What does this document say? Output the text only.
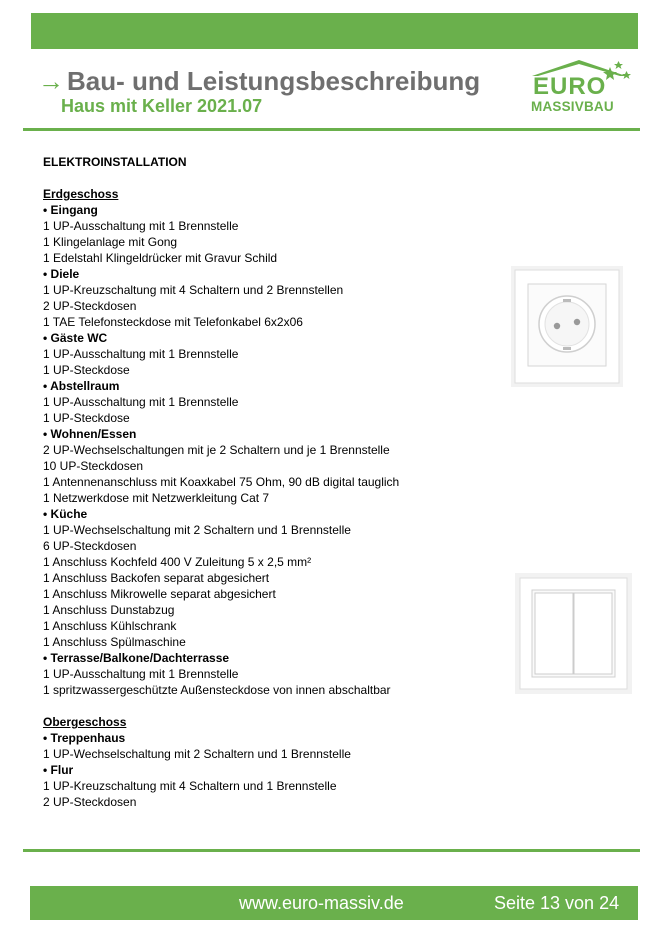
→ Bau- und Leistungsbeschreibung
Haus mit Keller 2021.07
EURO
MASSIVBAU
ELEKTROINSTALLATION
Erdgeschoss
• Eingang
1 UP-Ausschaltung mit 1 Brennstelle
1 Klingelanlage mit Gong
1 Edelstahl Klingeldrücker mit Gravur Schild
• Diele
1 UP-Kreuzschaltung mit 4 Schaltern und 2 Brennstellen
2 UP-Steckdosen
1 TAE Telefonsteckdose mit Telefonkabel 6x2x06
• Gäste WC
1 UP-Ausschaltung mit 1 Brennstelle
1 UP-Steckdose
• Abstellraum
1 UP-Ausschaltung mit 1 Brennstelle
1 UP-Steckdose
• Wohnen/Essen
2 UP-Wechselschaltungen mit je 2 Schaltern und je 1 Brennstelle
10 UP-Steckdosen
1 Antennenanschluss mit Koaxkabel 75 Ohm, 90 dB digital tauglich
1 Netzwerkdose mit Netzwerkleitung Cat 7
• Küche
1 UP-Wechselschaltung mit 2 Schaltern und 1 Brennstelle
6 UP-Steckdosen
1 Anschluss Kochfeld 400 V Zuleitung 5 x 2,5 mm²
1 Anschluss Backofen separat abgesichert
1 Anschluss Mikrowelle separat abgesichert
1 Anschluss Dunstabzug
1 Anschluss Kühlschrank
1 Anschluss Spülmaschine
• Terrasse/Balkone/Dachterrasse
1 UP-Ausschaltung mit 1 Brennstelle
1 spritzwassergeschützte Außensteckdose von innen abschaltbar
Obergeschoss
• Treppenhaus
1 UP-Wechselschaltung mit 2 Schaltern und 1 Brennstelle
• Flur
1 UP-Kreuzschaltung mit 4 Schaltern und 1 Brennstelle
2 UP-Steckdosen
www.euro-massiv.de	Seite 13 von 24
